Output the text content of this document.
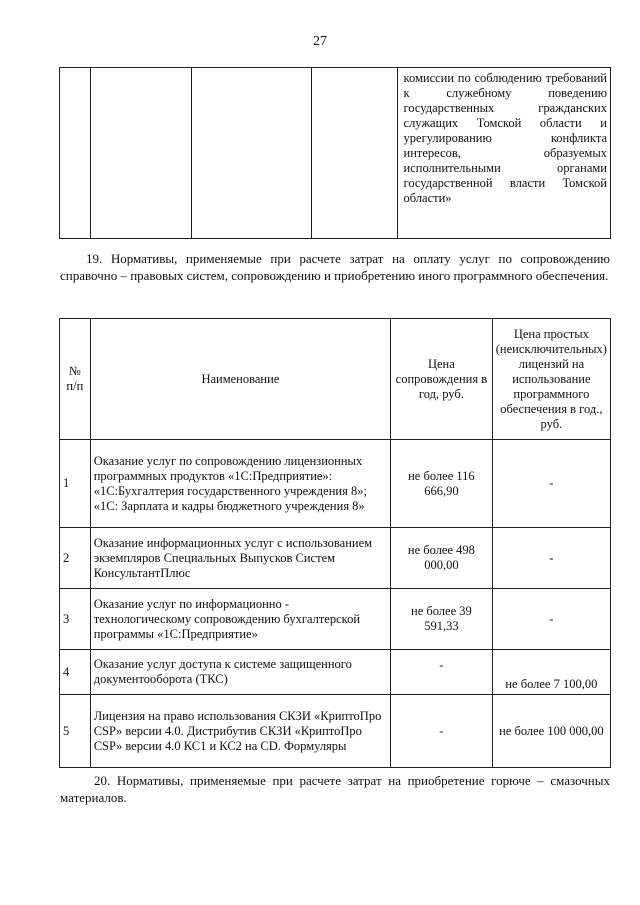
27
				комиссии по соблюдению требований к служебному поведению государственных гражданских служащих Томской области и урегулированию конфликта интересов, образуемых исполнительными органами государственной власти Томской области»

19. Нормативы, применяемые при расчете затрат на оплату услуг по сопровождению справочно – правовых систем, сопровождению и приобретению иного программного обеспечения.

№ п/п	Наименование	Цена сопровождения в год, руб.	Цена простых (неисключительных) лицензий на использование программного обеспечения в год., руб.
1	Оказание услуг по сопровождению лицензионных программных продуктов «1С:Предприятие»: «1С:Бухгалтерия государственного учреждения 8»; «1С: Зарплата и кадры бюджетного учреждения 8»	не более 116 666,90	-
2	Оказание информационных услуг с использованием экземпляров Специальных Выпусков Систем КонсультантПлюс	не более 498 000,00	-
3	Оказание услуг по информационно - технологическому сопровождению бухгалтерской программы «1С:Предприятие»	не более 39 591,33	-
4	Оказание услуг доступа к системе защищенного документооборота (ТКС)	-	не более 7 100,00
5	Лицензия на право использования СКЗИ «КриптоПро CSP» версии 4.0. Дистрибутив СКЗИ «КриптоПро CSP» версии 4.0 КС1 и КС2 на CD. Формуляры	-	не более 100 000,00

20. Нормативы, применяемые при расчете затрат на приобретение горюче – смазочных материалов.
